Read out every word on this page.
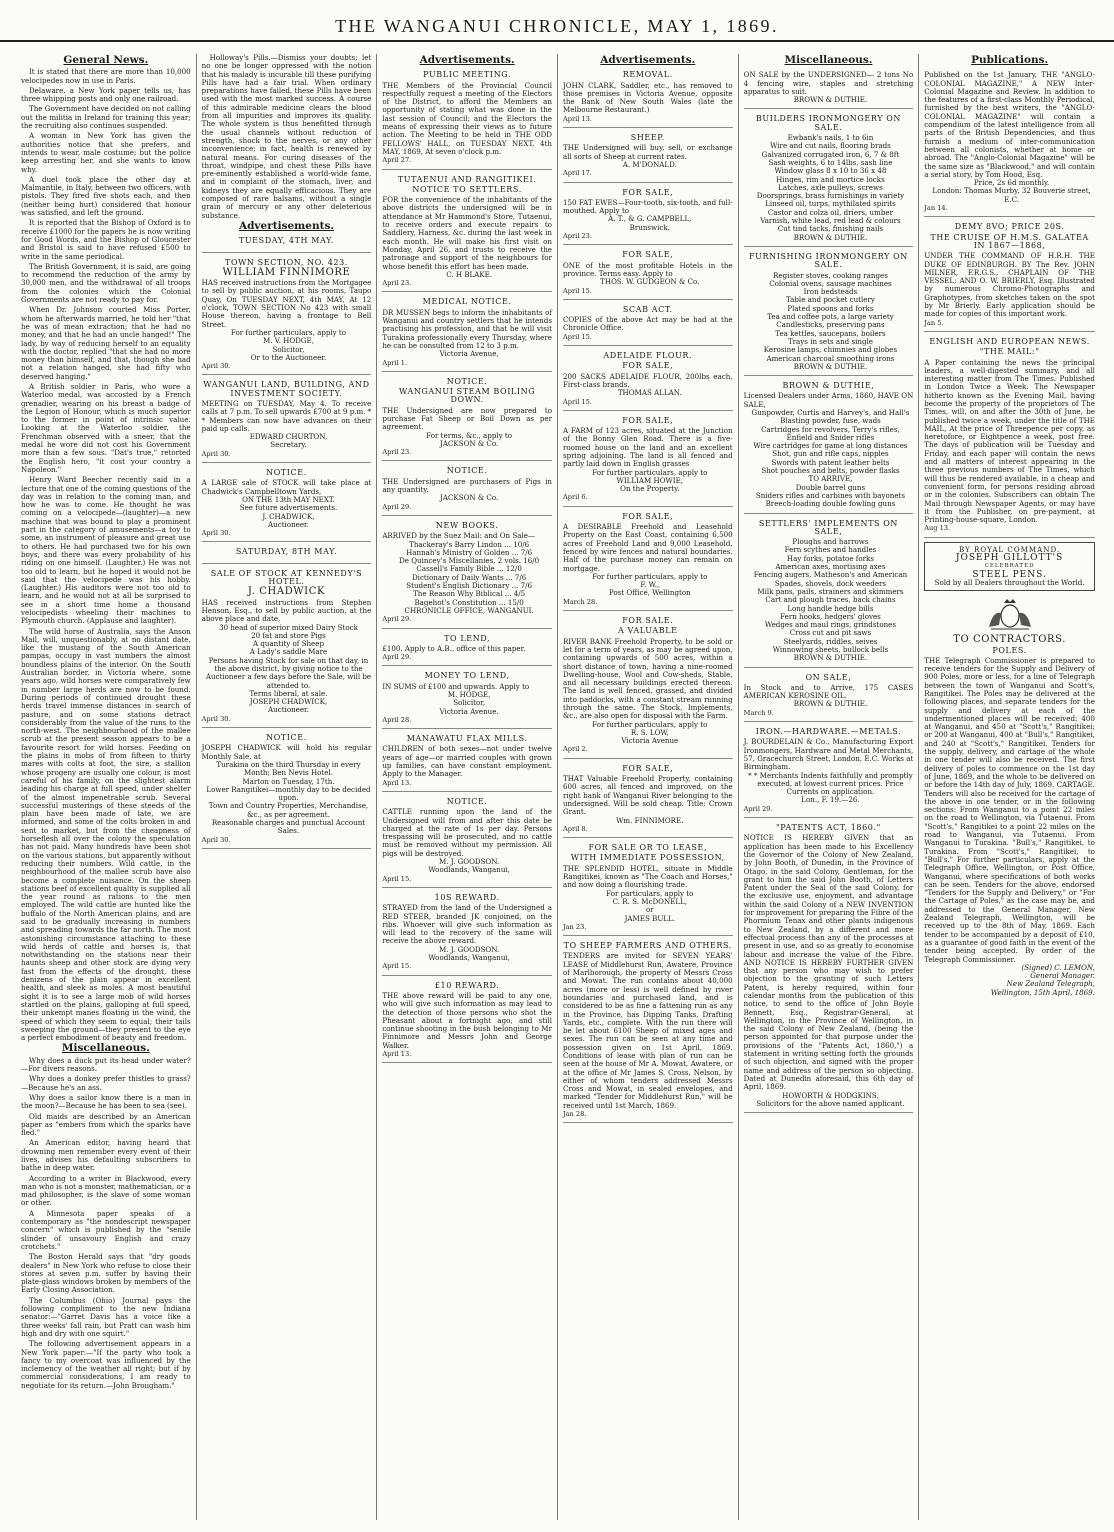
THE WANGANUI CHRONICLE, MAY 1, 1869.
General News.
It is stated that there are more than 10,000 velocipedes now in use in Paris.
Delaware, a New York paper tells us, has three whipping posts and only one railroad.
The Government have decided on not calling out the militia in Ireland for training this year; the recruiting also continues suspended.
A woman in New York has given the authorities notice that she prefers, and intends to wear, male costume; but the police keep arresting her, and she wants to know why.
A duel took place the other day at Malmantile, in Italy, between two officers, with pistols. They fired five shots each, and then (neither being hurt) considered that honour was satisfied, and left the ground.
It is reported that the Bishop of Oxford is to receive £1000 for the papers he is now writing for Good Words, and the Bishop of Gloucester and Bristol is said to have refused £500 to write in the same periodical.
The British Government, it is said, are going to recommend the reduction of the army by 30,000 men, and the withdrawal of all troops from the colonies which the Colonial Governments are not ready to pay for.
When Dr. Johnson courted Miss Porter, whom he afterwards married, he told her "that he was of mean extraction; that he had no money, and that he had an uncle hanged!" The lady, by way of reducing herself to an equality with the doctor, replied "that she had no more money than himself, and that, though she had not a relation hanged, she had fifty who deserved hanging."
A British soldier in Paris, who wore a Waterloo medal, was accosted by a French grenadier, wearing on his breast a badge of the Legion of Honour, which is much superior to the former in point of intrinsic value. Looking at the Waterloo soldier, the Frenchman observed with a sneer, that the medal he wore did not cost his Government more than a few sous. "Dat's true," retorted the English hero, "it cost your country a Napoleon."
Henry Ward Beecher recently said in a lecture that one of the coming questions of the day was in relation to the coming man, and how he was to come. He thought he was coming on a velocipede—(laughter)—a new machine that was bound to play a prominent part in the category of amusements—a toy to some, an instrument of pleasure and great use to others. He had purchased two for his own boys, and there was every probability of his riding on one himself. (Laughter.) He was not too old to learn, but he hoped it would not be said that the velocipede was his hobby. (Laughter.) His auditors were not too old to learn, and he would not at all be surprised to see in a short time home a thousand velocipedists wheeling their machines to Plymouth church. (Applause and laughter).
The wild horse of Australia, says the Anson Mail, will, unquestionably, at no distant date, like the mustang of the South American pampas, occupy in vast numbers the almost boundless plains of the interior. On the South Australian border, in Victoria where, some years ago, wild horses were comparatively few in number large herds are now to be found. During periods of continued drought these herds travel immense distances in search of pasture, and on some stations detract considerably from the value of the runs to the north-west. The neighbourhood of the mallee scrub at the present season appears to be a favourite resort for wild horses. Feeding on the plains in mobs of from fifteen to thirty mares with colts at foot, the sire, a stallion whose progeny are usually one colour, is most careful of his family, on the slightest alarm leading his charge at full speed, under shelter of the almost impenetrable scrub. Several successful musterings of these steeds of the plain have been made of late, we are informed, and some of the colts broken in and sent to market, but from the cheapness of horseflesh all over the colony the speculation has not paid. Many hundreds have been shot on the various stations, but apparently without reducing their numbers. Wild cattle, in the neighbourhood of the mallee scrub have also become a complete nuisance. On the sheep stations beef of excellent quality is supplied all the year round as rations to the men employed. The wild cattle are hunted like the buffalo of the North American plains, and are said to be gradually increasing in numbers and spreading towards the far north. The most astonishing circumstance attaching to these wild herds of cattle and horses is, that notwithstanding on the stations near their haunts sheep and other stock are dying very fast from the effects of the drought, these denizens of the plain appear in excellent health, and sleek as moles. A most beautiful sight it is to see a large mob of wild horses startled on the plains, galloping at full speed, their unkempt manes floating in the wind, the speed of which they seem to equal; their tails sweeping the ground—they present to the eye a perfect embodiment of beauty and freedom.
Miscellaneous.
Why does a duck put its head under water?—For divers reasons.
Why does a donkey prefer thistles to grass?—Because he's an ass.
Why does a sailor know there is a man in the moon?—Because he has been to sea (see).
Old maids are described by an American paper as "embers from which the sparks have fled."
An American editor, having heard that drowning men remember every event of their lives, advises his defaulting subscribers to bathe in deep water.
According to a writer in Blackwood, every man who is not a monster, mathematician, or a mad philosopher, is the slave of some woman or other.
A Minnesota paper speaks of a contemporary as "the nondescript newspaper concern" which is published by the "senile slinder of unsavoury English and crazy crotchets."
The Boston Herald says that "dry goods dealers" in New York who refuse to close their stores at seven p.m. suffer by having their plate-glass windows broken by members of the Early Closing Association.
The Columbus (Ohio) Journal pays the following compliment to the new Indiana senator:—"Garret Davis has a voice like a three weeks' fall rain, but Pratt can wash him high and dry with one squirt."
The following advertisement appears in a New York paper:—"If the party who took a fancy to my overcoat was influenced by the inclemency of the weather all right; but if by commercial considerations, I am ready to negotiate for its return.—John Brougham."
Holloway's Pills.—Dismiss your doubts; let no one be longer oppressed with the notion that his malady is incurable till these purifying Pills have had a fair trial. When ordinary preparations have failed, these Pills have been used with the most marked success. A course of this admirable medicine clears the blood from all impurities and improves its quality. The whole system is thus benefitted through the usual channels without reduction of strength, shock to the nerves, or any other inconvenience; in fact, health is renewed by natural means. For curing diseases of the throat, windpipe, and chest these Pills have pre-eminently established a world-wide fame, and in complaint of the stomach, liver, and kidneys they are equally efficacious. They are composed of rare balsams, without a single grain of mercury or any other deleterious substance.
Advertisements.
TUESDAY, 4TH MAY.
TOWN SECTION, NO. 423.
WILLIAM FINNIMORE
HAS received instructions from the Mortgagee to sell by public auction, at his rooms, Taupo Quay, On TUESDAY NEXT, 4th MAY, At 12 o'clock, TOWN SECTION No 423 with small House thereon, having a frontage to Bell Street.
For further particulars, apply to
M. V. HODGE,
Solicitor,
Or to the Auctioneer.
April 30.
WANGANUI LAND, BUILDING, AND INVESTMENT SOCIETY.
MEETING on TUESDAY, May 4. To receive calls at 7 p.m. To sell upwards £700 at 9 p.m. * * Members can now have advances on their paid up calls.
EDWARD CHURTON,
Secretary.
April 30.
NOTICE.
A LARGE sale of STOCK will take place at Chadwick's Campbelltown Yards,
ON THE 13th MAY NEXT.
See future advertisements.
J. CHADWICK,
Auctioneer.
April 30.
SATURDAY, 8TH MAY.
SALE OF STOCK AT KENNEDY'S HOTEL.
J. CHADWICK
HAS received instructions from Stephen Henson, Esq., to sell by public auction, at the above place and date,
30 head of superior mixed Dairy Stock
20 fat and store Pigs
A quantity of Sheep
A Lady's saddle Mare
Persons having Stock for sale on that day, in the above district, by giving notice to the Auctioneer a few days before the Sale, will be attended to.
Terms liberal, at sale.
JOSEPH CHADWICK,
Auctioneer.
April 30.
NOTICE.
JOSEPH CHADWICK will hold his regular Monthly Sale, at
Turakina on the third Thursday in every Month; Ben Nevis Hotel.
Marton on Tuesday, 17th.
Lower Rangitikei—monthly day to be decided upon.
Town and Country Properties, Merchandise, &c., as per agreement.
Reasonable charges and punctual Account Sales.
April 30.
Advertisements.
PUBLIC MEETING.
THE Members of the Provincial Council respectfully request a meeting of the Electors of the District, to afford the Members an opportunity of stating what was done in the last session of Council; and the Electors the means of expressing their views as to future action. The Meeting to be held in THE ODD FELLOWS' HALL, on TUESDAY NEXT, 4th MAY, 1869, At seven o'clock p.m.
April 27.
TUTAENUI AND RANGITIKEI.
NOTICE TO SETTLERS.
FOR the convenience of the inhabitants of the above districts the undersigned will be in attendance at Mr Hammond's Store, Tutaenui, to receive orders and execute repairs to Saddlery, Harness, &c. during the last week in each month. He will make his first visit on Monday, April 26, and trusts to receive the patronage and support of the neighbours for whose benefit this effort has been made.
C. H BLAKE.
April 23.
MEDICAL NOTICE.
DR MUSSEN begs to inform the inhabitants of Wanganui and country settlers that he intends practising his profession, and that he will visit Turakina professionally every Thursday, where he can be consulted from 12 to 3 p.m.
Victoria Avenue,
April 1.
NOTICE.
WANGANUI STEAM BOILING DOWN.
THE Undersigned are now prepared to purchase Fat Sheep or Boil Down as per agreement.
For terms, &c., apply to
JACKSON & Co.
April 23.
NOTICE.
THE Undersigned are purchasers of Pigs in any quantity.
JACKSON & Co.
April 29.
NEW BOOKS.
ARRIVED by the Suez Mail: and On Sale—
Thackeray's Barry Lindon ... 10/6
Hannah's Ministry of Golden ... 7/6
De Quincey's Miscellanies, 2 vols. 16/0
Cassell's Family Bible ... 12/0
Dictionary of Daily Wants ... 7/6
Student's English Dictionary ... 7/6
The Reason Why Biblical ... 4/5
Bagehot's Constitution ... 15/0
CHRONICLE OFFICE, WANGANUI.
April 29.
TO LEND,
£100. Apply to A.B., office of this paper.
April 29.
MONEY TO LEND,
IN SUMS of £100 and upwards. Apply to
M. HODGE,
Solicitor,
Victoria Avenue.
April 28.
MANAWATU FLAX MILLS.
CHILDREN of both sexes—not under twelve years of age—or married couples with grown up families, can have constant employment. Apply to the Manager.
April 13.
NOTICE.
CATTLE running upon the land of the Undersigned will from and after this date be charged at the rate of 1s per day. Persons trespassing will be prosecuted, and no cattle must be removed without my permission. All pigs will be destroyed.
M. J. GOODSON.
Woodlands, Wanganui,
April 15.
10S REWARD.
STRAYED from the land of the Undersigned a RED STEER, branded JK conjoined, on the ribs. Whoever will give such information as will lead to the recovery of the same will receive the above reward.
M. J. GOODSON.
Woodlands, Wanganui,
April 15.
£10 REWARD.
THE above reward will be paid to any one, who will give such information as may lead to the detection of those persons who shot the Pheasant about a fortnight ago, and still continue shooting in the bush belonging to Mr Finnimore and Messrs John and George Walker.
April 13.
Advertisements.
REMOVAL.
JOHN CLARK, Saddler, etc., has removed to those premises in Victoria Avenue, opposite the Bank of New South Wales (late the Melbourne Restaurant.)
April 13.
SHEEP.
THE Undersigned will buy, sell, or exchange all sorts of Sheep at current rates.
A. M'DONALD.
April 17.
FOR SALE,
150 FAT EWES—Four-tooth, six-tooth, and full-mouthed. Apply to
A. T., & G. CAMPBELL,
Brunswick.
April 23.
FOR SALE,
ONE of the most profitable Hotels in the province. Terms easy. Apply to
THOS. W. GUDGEON & Co.
April 15.
SCAB ACT.
COPIES of the above Act may be had at the Chronicle Office.
April 15.
ADELAIDE FLOUR.
FOR SALE,
200 SACKS ADELAIDE FLOUR, 200lbs each, First-class brands.
THOMAS ALLAN.
April 15.
FOR SALE,
A FARM of 123 acres, situated at the Junction of the Bonny Glen Road. There is a five-roomed house on the land and an excellent spring adjoining. The land is all fenced and partly laid down in English grasses
For further particulars, apply to
WILLIAM HOWIE,
On the Property.
April 6.
FOR SALE,
A DESIRABLE Freehold and Leasehold Property on the East Coast, containing 6,500 acres of Freehold Land and 9,000 Leasehold, fenced by wire fences and natural boundaries. Half of the purchase money can remain on mortgage.
For further particulars, apply to
F. W.,
Post Office, Wellington
March 28.
FOR SALE.
A VALUABLE
RIVER BANK Freehold Property, to be sold or let for a term of years, as may be agreed upon, containing upwards of 500 acres, within a short distance of town, having a nine-roomed Dwelling-house, Wool and Cow-sheds, Stable, and all necessary buildings erected thereon. The land is well fenced, grassed, and divided into paddocks, with a constant stream running through the same. The Stock, Implements, &c., are also open for disposal with the Farm.
For further particulars, apply to
R. S. LOW,
Victoria Avenue
April 2.
FOR SALE,
THAT Valuable Freehold Property, containing 600 acres, all fenced and improved, on the right bank of Wanganui River belonging to the undersigned. Will be sold cheap. Title: Crown Grant.
Wm. FINNIMORE.
April 8.
FOR SALE OR TO LEASE,
WITH IMMEDIATE POSSESSION,
THE SPLENDID HOTEL, situate in Middle Rangitikei, known as "The Coach and Horses," and now doing a flourishing trade.
For particulars, apply to
C. R. S. McDONELL,
or
JAMES BULL.
Jan 23.
TO SHEEP FARMERS AND OTHERS.
TENDERS are invited for SEVEN YEARS' LEASE of Middlehurst Run, Awatere, Province of Marlborough, the property of Messrs Cross and Mowat. The run contains about 40,000 acres (more or less) is well defined by river boundaries and purchased land, and is considered to be as fine a fattening run as any in the Province, has Dipping Tanks, Drafting Yards, etc., complete. With the run there will be let about 6100 Sheep of mixed ages and sexes. The run can be seen at any time and possession given on 1st April, 1869. Conditions of lease with plan of run can be seen at the house of Mr A. Mowat, Awatere, or at the office of Mr James S. Cross, Nelson, by either of whom tenders addressed Messrs Cross and Mowat, in sealed envelopes, and marked "Tender for Middlehurst Run," will be received until 1st March, 1869.
Jan 28.
Miscellaneous.
ON SALE by the UNDERSIGNED— 2 tons No 4 fencing wire, staples and stretching apparatus to suit.
BROWN & DUTHIE.
BUILDERS IRONMONGERY ON SALE.
Ewbank's nails, 1 to 6in
Wire and cut nails, flooring brads
Galvanized corrugated iron, 6, 7 & 8ft
Sash weights, 6 to 14lbs, sash line
Window glass 8 x 10 to 36 x 48
Hinges, rim and mortice locks
Latches, axle pulleys, screws
Doorsprings, brass furnishings in variety
Linseed oil, turps, mythilated spirits
Castor and colza oil, driers, umber
Varnish, white lead, red lead & colours
Cut tind tacks, finishing nails
BROWN & DUTHIE.
FURNISHING IRONMONGERY ON SALE.
Register stoves, cooking ranges
Colonial ovens, sausage machines
Iron bedsteads
Table and pocket cutlery
Plated spoons and forks
Tea and coffee pots, a large variety
Candlesticks, preserving pans
Tea kettles, saucepans, boilers
Trays in sets and single
Kerosine lamps, chimnies and globes
American charcoal smoothing irons
BROWN & DUTHIE.
BROWN & DUTHIE,
Licensed Dealers under Arms, 1860, HAVE ON SALE,
Gunpowder, Curtis and Harvey's, and Hall's
Blasting powder, fuse, wads
Cartridges for revolvers, Terry's rifles, Enfield and Snider rifles
Wire cartridges for game at long distances
Shot, gun and rifle caps, nipples
Swords with patent leather belts
Shot pouches and belts, powder flasks
TO ARRIVE,
Double barrel guns
Sniders rifles and carbines with bayonets
Breech-loading double fowling guns
SETTLERS' IMPLEMENTS ON SALE,
Ploughs and harrows
Fern scythes and handles
Hay forks, potatoe forks
American axes, mortising axes
Fencing augers, Matheson's and American
Spades, shovels, dock weeders
Milk pans, pails, strainers and skimmers
Cart and plough traces, back chains
Long handle hedge bills
Fern hooks, hedgers' gloves
Wedges and maul rings, grindstones
Cross cut and pit saws
Steelyards, riddles, seives
Winnowing sheets, bullock bells
BROWN & DUTHIE.
ON SALE,
In Stock and to Arrive, 175 CASES AMERICAN KEROSINE OIL.
BROWN & DUTHIE.
March 9.
IRON.—HARDWARE.—METALS.
J. BOURDELAIN & Co., Manufacturing Export Ironmongers, Hardware and Metal Merchants, 57, Gracechurch Street, London, E.C. Works at Birmingham.
* * Merchants Indents faithfully and promptly executed, at lowest current prices. Price Currents on application.
Lon., F. 19.—26.
April 29.
"PATENTS ACT, 1860."
NOTICE IS HEREBY GIVEN that an application has been made to his Excellency the Governor of the Colony of New Zealand, by John Booth, of Dunedin, in the Province of Otago, in the said Colony, Gentleman, for the grant to him the said John Booth, of Letters Patent under the Seal of the said Colony, for the exclusive use, enjoyment, and advantage within the said Colony of a NEW INVENTION for improvement for preparing the Fibre of the Phormium Tenax and other plants indigenous to New Zealand, by a different and more effectual process than any of the processes at present in use, and so as greatly to economise labour and increase the value of the Fibre. AND NOTICE IS HEREBY FURTHER GIVEN that any person who may wish to prefer objection to the granting of such Letters Patent, is hereby required, within four calendar months from the publication of this notice, to send to the office of John Boyle Bennett, Esq., Registrar-General, at Wellington, in the Province of Wellington, in the said Colony of New Zealand, (being the person appointed for that purpose under the provisions of the "Patents Act, 1860,") a statement in writing setting forth the grounds of such objection, and signed with the proper name and address of the person so objecting. Dated at Dunedin aforesaid, this 6th day of April, 1869.
HOWORTH & HODGKINS,
Solicitors for the above named applicant.
Publications.
Published on the 1st January, THE "ANGLO-COLONIAL MAGAZINE," A NEW Inter-Colonial Magazine and Review. In addition to the features of a first-class Monthly Periodical, furnished by the best writers, the "ANGLO-COLONIAL MAGAZINE" will contain a compendium of the latest intelligence from all parts of the British Dependencies, and thus furnish a medium of inter-communication between all colonists, whether at home or abroad. The "Anglo-Colonial Magazine" will be the same size as "Blackwood," and will contain a serial story, by Tom Hood, Esq.
Price, 2s 6d monthly.
London: Thomas Murby, 32 Bouverie street, E.C.
Jan 14.
DEMY 8VO; PRICE 20S.
THE CRUISE OF H.M.S. GALATEA IN 1867—1868,
UNDER THE COMMAND OF H.R.H. THE DUKE OF EDINBURGH. BY The Rev. JOHN MILNER, F.R.G.S., CHAPLAIN OF THE VESSEL; AND O. W. BRIERLY, Esq. Illustrated by numerous Chromo-Photographs and Graphotypes, from sketches taken on the spot by Mr Brierly. Early application should be made for copies of this important work.
Jan 5.
ENGLISH AND EUROPEAN NEWS.
"THE MAIL:"
A Paper containing the news the principal leaders, a well-digested summary, and all interesting matter from The Times. Published in London Twice a Week. The Newspaper hitherto known as the Evening Mail, having become the property of the proprietors of The Times, will, on and after the 30th of June, be published twice a week, under the title of THE MAIL, At the price of Threepence per copy, as heretofore, or Eightpence a week, post free. The days of publication will be Tuesday and Friday, and each paper will contain the news and all matters of interest appearing in the three previous numbers of The Times, which will thus be rendered available, in a cheap and convenient form, for persons residing abroad or in the colonies. Subscribers can obtain The Mail through Newspaper Agents, or may have it from the Publisher, on pre-payment, at Printing-house-square, London.
Aug 13.
BY ROYAL COMMAND.
JOSEPH GILLOTT'S
CELEBRATED
STEEL PENS.
Sold by all Dealers throughout the World.
TO CONTRACTORS.
POLES.
THE Telegraph Commissioner is prepared to receive tenders for the Supply and Delivery of 900 Poles, more or less, for a line of Telegraph between the town of Wanganui and Scott's, Rangitikei. The Poles may be delivered at the following places, and separate tenders for the supply and delivery at each of the undermentioned places will be received: 400 at Wanganui, and 450 at "Scott's," Rangitikei; or 200 at Wanganui, 400 at "Bull's," Rangitikei, and 240 at "Scott's," Rangitikei. Tenders for the supply, delivery, and cartage of the whole in one tender will also be received. The first delivery of poles to commence on the 1st day of June, 1869, and the whole to be delivered on or before the 14th day of July, 1869. CARTAGE. Tenders will also be received for the cartage of the above in one tender, or in the following sections: From Wanganui to a point 22 miles on the road to Wellington, via Tutaenui. From "Scott's," Rangitikei to a point 22 miles on the road to Wanganui, via Tutaenui. From Wanganui to Turakina. "Bull's," Rangitikei, to Turakina. From "Scott's," Rangitikei, to "Bull's." For further particulars, apply at the Telegraph Office, Wellington, or Post Office, Wanganui, where specifications of both works can be seen. Tenders for the above, endorsed "Tenders for the Supply and Delivery," or "For the Cartage of Poles," as the case may be, and addressed to the General Manager, New Zealand Telegraph, Wellington, will be received up to the 8th of May, 1869. Each tender to be accompanied by a deposit of £10, as a guarantee of good faith in the event of the tender being accepted. By order of the Telegraph Commissioner.
(Signed) C. LEMON,
General Manager.
New Zealand Telegraph,
Wellington, 15th April, 1869.
